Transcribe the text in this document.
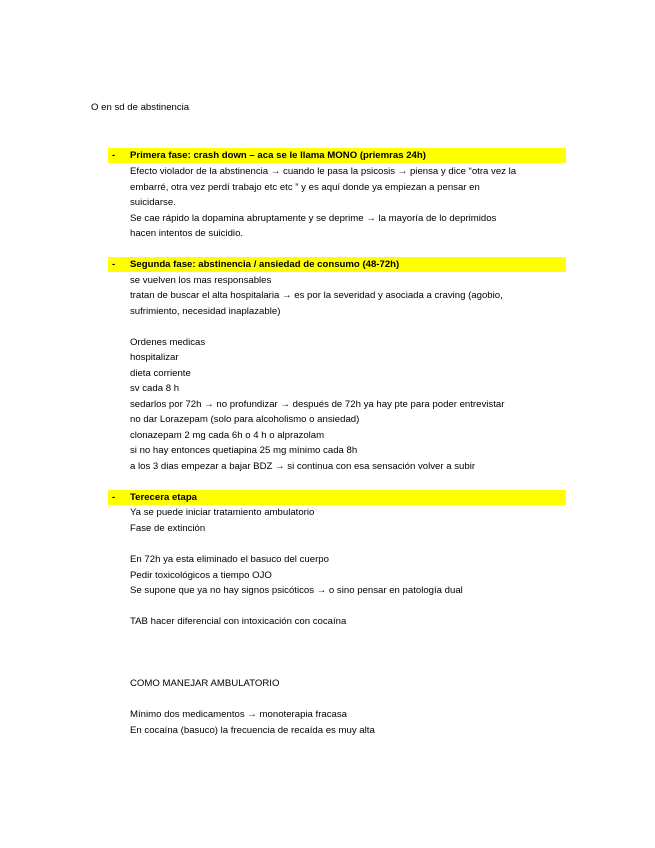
O en sd de abstinencia
- Primera fase: crash down – aca se le llama MONO (priemras 24h)
Efecto violador de la abstinencia → cuando le pasa la psicosis → piensa y dice “otra vez la
embarré, otra vez perdí trabajo etc etc ” y es aquí donde ya empiezan a pensar en
suicidarse.
Se cae rápido la dopamina abruptamente y se deprime → la mayoría de lo deprimidos
hacen intentos de suicidio.
- Segunda fase: abstinencia / ansiedad de consumo (48-72h)
se vuelven los mas responsables
tratan de buscar el alta hospitalaria → es por la severidad y asociada a craving (agobio,
sufrimiento, necesidad inaplazable)
Ordenes medicas
hospitalizar
dieta corriente
sv cada 8 h
sedarlos por 72h → no profundizar → después de 72h ya hay pte para poder entrevistar
no dar Lorazepam (solo para alcoholismo o ansiedad)
clonazepam 2 mg cada 6h o 4 h o alprazolam
si no hay entonces quetiapina 25 mg mínimo cada 8h
a los 3 dias empezar a bajar BDZ → si continua con esa sensación volver a subir
- Terecera etapa
Ya se puede iniciar tratamiento ambulatorio
Fase de extinción
En 72h ya esta eliminado el basuco del cuerpo
Pedir toxicológicos a tiempo OJO
Se supone que ya no hay signos psicóticos → o sino pensar en patología dual
TAB hacer diferencial con intoxicación con cocaína
COMO MANEJAR AMBULATORIO
Mínimo dos medicamentos → monoterapia fracasa
En cocaína (basuco) la frecuencia de recaída es muy alta
